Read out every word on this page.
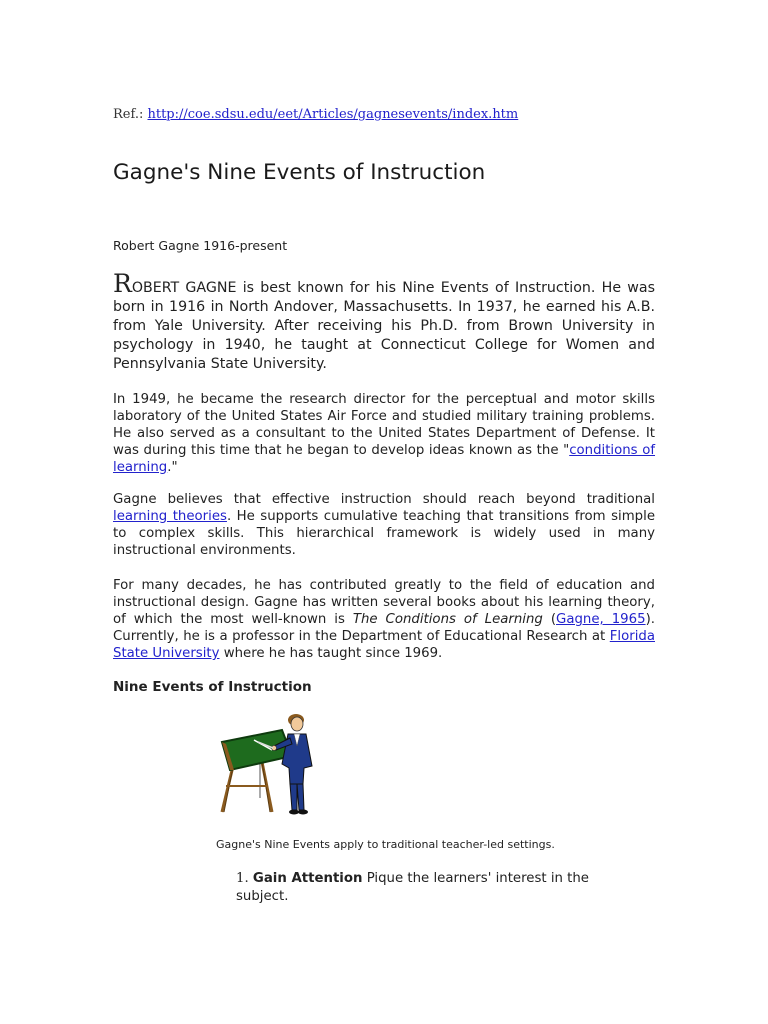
Ref.: http://coe.sdsu.edu/eet/Articles/gagnesevents/index.htm
Gagne's Nine Events of Instruction
Robert Gagne 1916-present

ROBERT GAGNE is best known for his Nine Events of Instruction. He was born in 1916 in North Andover, Massachusetts. In 1937, he earned his A.B. from Yale University. After receiving his Ph.D. from Brown University in psychology in 1940, he taught at Connecticut College for Women and Pennsylvania State University.

In 1949, he became the research director for the perceptual and motor skills laboratory of the United States Air Force and studied military training problems. He also served as a consultant to the United States Department of Defense. It was during this time that he began to develop ideas known as the "conditions of learning."

Gagne believes that effective instruction should reach beyond traditional learning theories. He supports cumulative teaching that transitions from simple to complex skills. This hierarchical framework is widely used in many instructional environments.

For many decades, he has contributed greatly to the field of education and instructional design. Gagne has written several books about his learning theory, of which the most well-known is The Conditions of Learning (Gagne, 1965). Currently, he is a professor in the Department of Educational Research at Florida State University where he has taught since 1969.

Nine Events of Instruction
Gagne's Nine Events apply to traditional teacher-led settings.
1. Gain Attention Pique the learners' interest in the subject.
